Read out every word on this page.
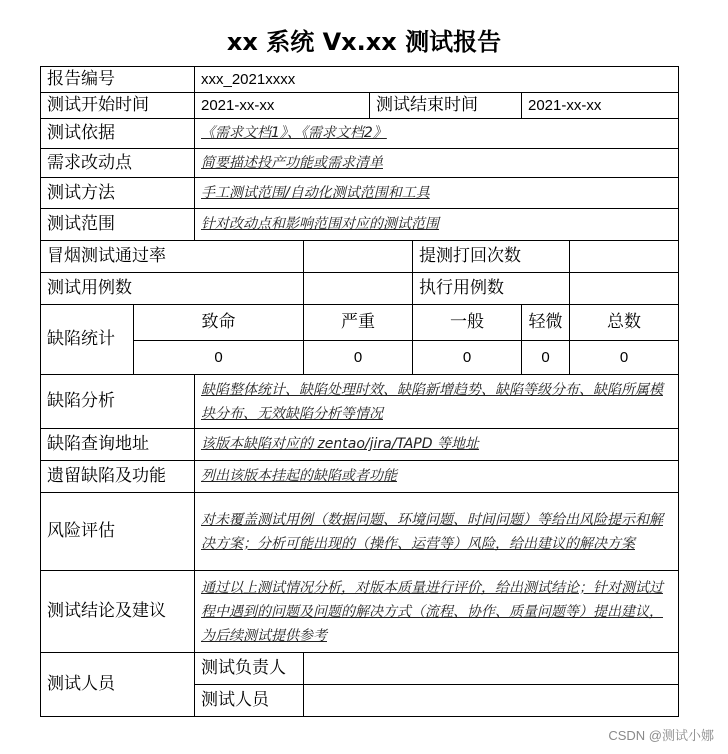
xx 系统 Vx.xx 测试报告
报告编号		xxx_2021xxxx					
测试开始时间		2021-xx-xx		测试结束时间		2021-xx-xx	
测试依据		《需求文档1》、《需求文档2》					
需求改动点		简要描述投产功能或需求清单					
测试方法		手工测试范围/自动化测试范围和工具					
测试范围		针对改动点和影响范围对应的测试范围					
冒烟测试通过率					提测打回次数		
测试用例数					执行用例数		
缺陷统计	致命		严重		一般	轻微	总数
	0		0		0	0	0
缺陷分析		缺陷整体统计、缺陷处理时效、缺陷新增趋势、缺陷等级分布、缺陷所属模块分布、无效缺陷分析等情况					
缺陷查询地址		该版本缺陷对应的 zentao/jira/TAPD 等地址					
遗留缺陷及功能		列出该版本挂起的缺陷或者功能					
风险评估		对未覆盖测试用例（数据问题、环境问题、时间问题）等给出风险提示和解决方案；分析可能出现的（操作、运营等）风险，给出建议的解决方案					
测试结论及建议		通过以上测试情况分析，对版本质量进行评价，给出测试结论；针对测试过程中遇到的问题及问题的解决方式（流程、协作、质量问题等）提出建议，为后续测试提供参考					
测试人员		测试负责人					
		测试人员					
CSDN @测试小娜
